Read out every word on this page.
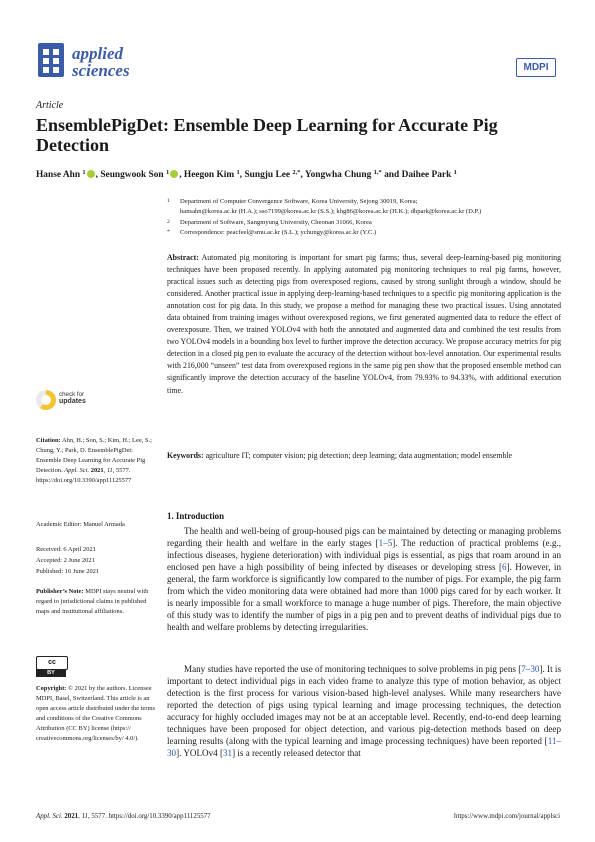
applied
sciences	MDPI
Article
EnsemblePigDet: Ensemble Deep Learning for Accurate Pig Detection
Hanse Ahn $^1$ , Seungwook Son $^1$ , Heegon Kim $^1$, Sungju Lee $^{2,*}$, Yongwha Chung $^{1,*}$ and Daihee Park $^1$
1 Department of Computer Convergence Software, Korea University, Sejong 30019, Korea;
hansahn@korea.ac.kr (H.A.); sso7199@korea.ac.kr (S.S.); khg86@korea.ac.kr (H.K.); dhpark@korea.ac.kr (D.P.)
2 Department of Software, Sangmyung University, Cheonan 31066, Korea
* Correspondence: peacfeel@smu.ac.kr (S.L.); ychungy@korea.ac.kr (Y.C.)
Abstract: Automated pig monitoring is important for smart pig farms; thus, several deep-learning-based pig monitoring techniques have been proposed recently. In applying automated pig monitoring techniques to real pig farms, however, practical issues such as detecting pigs from overexposed regions, caused by strong sunlight through a window, should be considered. Another practical issue in applying deep-learning-based techniques to a specific pig monitoring application is the annotation cost for pig data. In this study, we propose a method for managing these two practical issues. Using annotated data obtained from training images without overexposed regions, we first generated augmented data to reduce the effect of overexposure. Then, we trained YOLOv4 with both the annotated and augmented data and combined the test results from two YOLOv4 models in a bounding box level to further improve the detection accuracy. We propose accuracy metrics for pig detection in a closed pig pen to evaluate the accuracy of the detection without box-level annotation. Our experimental results with 216,000 “unseen” test data from overexposed regions in the same pig pen show that the proposed ensemble method can significantly improve the detection accuracy of the baseline YOLOv4, from 79.93% to 94.33%, with additional execution time.
Keywords: agriculture IT; computer vision; pig detection; deep learning; data augmentation; model ensemble
check for
updates
Citation: Ahn, H.; Son, S.; Kim, H.; Lee, S.; Chung, Y.; Park, D. EnsemblePigDet: Ensemble Deep Learning for Accurate Pig Detection. Appl. Sci. 2021, 11, 5577. https://doi.org/10.3390/app11125577
Academic Editor: Manuel Armada
Received: 6 April 2021
Accepted: 2 June 2021
Published: 16 June 2021
Publisher’s Note: MDPI stays neutral with regard to jurisdictional claims in published maps and institutional affiliations.
cc
BY
Copyright: © 2021 by the authors. Licensee MDPI, Basel, Switzerland. This article is an open access article distributed under the terms and conditions of the Creative Commons Attribution (CC BY) license (https:// creativecommons.org/licenses/by/ 4.0/).
1. Introduction
The health and well-being of group-housed pigs can be maintained by detecting or managing problems regarding their health and welfare in the early stages [1–5]. The reduction of practical problems (e.g., infectious diseases, hygiene deterioration) with individual pigs is essential, as pigs that roam around in an enclosed pen have a high possibility of being infected by diseases or developing stress [6]. However, in general, the farm workforce is significantly low compared to the number of pigs. For example, the pig farm from which the video monitoring data were obtained had more than 1000 pigs cared for by each worker. It is nearly impossible for a small workforce to manage a huge number of pigs. Therefore, the main objective of this study was to identify the number of pigs in a pig pen and to prevent deaths of individual pigs due to health and welfare problems by detecting irregularities.
Many studies have reported the use of monitoring techniques to solve problems in pig pens [7–30]. It is important to detect individual pigs in each video frame to analyze this type of motion behavior, as object detection is the first process for various vision-based high-level analyses. While many researchers have reported the detection of pigs using typical learning and image processing techniques, the detection accuracy for highly occluded images may not be at an acceptable level. Recently, end-to-end deep learning techniques have been proposed for object detection, and various pig-detection methods based on deep learning results (along with the typical learning and image processing techniques) have been reported [11–30]. YOLOv4 [31] is a recently released detector that
Appl. Sci. 2021, 11, 5577. https://doi.org/10.3390/app11125577	https://www.mdpi.com/journal/applsci
